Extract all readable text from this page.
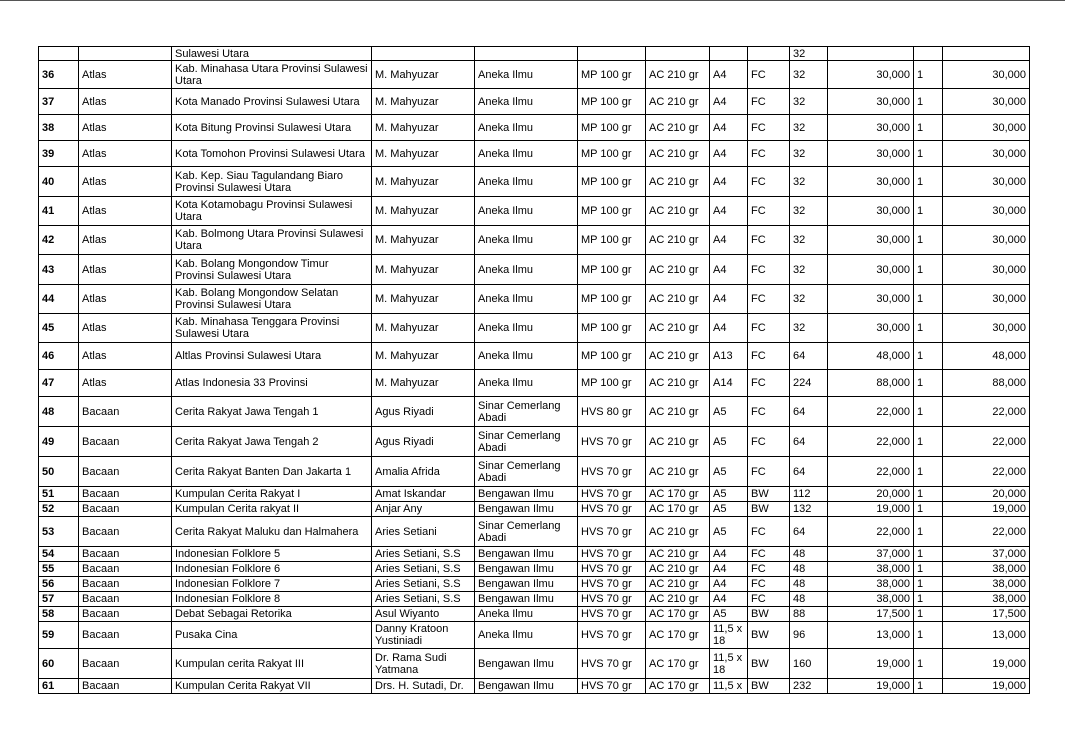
		Sulawesi Utara							32			
36	Atlas	Kab. Minahasa Utara Provinsi Sulawesi Utara	M. Mahyuzar	Aneka Ilmu	MP 100 gr	AC 210 gr	A4	FC	32	30,000	1	30,000
37	Atlas	Kota Manado Provinsi Sulawesi Utara	M. Mahyuzar	Aneka Ilmu	MP 100 gr	AC 210 gr	A4	FC	32	30,000	1	30,000
38	Atlas	Kota Bitung Provinsi Sulawesi Utara	M. Mahyuzar	Aneka Ilmu	MP 100 gr	AC 210 gr	A4	FC	32	30,000	1	30,000
39	Atlas	Kota Tomohon Provinsi Sulawesi Utara	M. Mahyuzar	Aneka Ilmu	MP 100 gr	AC 210 gr	A4	FC	32	30,000	1	30,000
40	Atlas	Kab. Kep. Siau Tagulandang Biaro Provinsi Sulawesi Utara	M. Mahyuzar	Aneka Ilmu	MP 100 gr	AC 210 gr	A4	FC	32	30,000	1	30,000
41	Atlas	Kota Kotamobagu Provinsi Sulawesi Utara	M. Mahyuzar	Aneka Ilmu	MP 100 gr	AC 210 gr	A4	FC	32	30,000	1	30,000
42	Atlas	Kab. Bolmong Utara Provinsi Sulawesi Utara	M. Mahyuzar	Aneka Ilmu	MP 100 gr	AC 210 gr	A4	FC	32	30,000	1	30,000
43	Atlas	Kab. Bolang Mongondow Timur Provinsi Sulawesi Utara	M. Mahyuzar	Aneka Ilmu	MP 100 gr	AC 210 gr	A4	FC	32	30,000	1	30,000
44	Atlas	Kab. Bolang Mongondow Selatan Provinsi Sulawesi Utara	M. Mahyuzar	Aneka Ilmu	MP 100 gr	AC 210 gr	A4	FC	32	30,000	1	30,000
45	Atlas	Kab. Minahasa Tenggara Provinsi Sulawesi Utara	M. Mahyuzar	Aneka Ilmu	MP 100 gr	AC 210 gr	A4	FC	32	30,000	1	30,000
46	Atlas	Altlas Provinsi Sulawesi Utara	M. Mahyuzar	Aneka Ilmu	MP 100 gr	AC 210 gr	A13	FC	64	48,000	1	48,000
47	Atlas	Atlas Indonesia 33 Provinsi	M. Mahyuzar	Aneka Ilmu	MP 100 gr	AC 210 gr	A14	FC	224	88,000	1	88,000
48	Bacaan	Cerita Rakyat Jawa Tengah 1	Agus Riyadi	Sinar Cemerlang Abadi	HVS 80 gr	AC 210 gr	A5	FC	64	22,000	1	22,000
49	Bacaan	Cerita Rakyat Jawa Tengah 2	Agus Riyadi	Sinar Cemerlang Abadi	HVS 70 gr	AC 210 gr	A5	FC	64	22,000	1	22,000
50	Bacaan	Cerita Rakyat Banten Dan Jakarta 1	Amalia Afrida	Sinar Cemerlang Abadi	HVS 70 gr	AC 210 gr	A5	FC	64	22,000	1	22,000
51	Bacaan	Kumpulan Cerita Rakyat I	Amat Iskandar	Bengawan Ilmu	HVS 70 gr	AC 170 gr	A5	BW	112	20,000	1	20,000
52	Bacaan	Kumpulan Cerita rakyat II	Anjar Any	Bengawan Ilmu	HVS 70 gr	AC 170 gr	A5	BW	132	19,000	1	19,000
53	Bacaan	Cerita Rakyat Maluku dan Halmahera	Aries Setiani	Sinar Cemerlang Abadi	HVS 70 gr	AC 210 gr	A5	FC	64	22,000	1	22,000
54	Bacaan	Indonesian Folklore 5	Aries Setiani, S.S	Bengawan Ilmu	HVS 70 gr	AC 210 gr	A4	FC	48	37,000	1	37,000
55	Bacaan	Indonesian Folklore 6	Aries Setiani, S.S	Bengawan Ilmu	HVS 70 gr	AC 210 gr	A4	FC	48	38,000	1	38,000
56	Bacaan	Indonesian Folklore 7	Aries Setiani, S.S	Bengawan Ilmu	HVS 70 gr	AC 210 gr	A4	FC	48	38,000	1	38,000
57	Bacaan	Indonesian Folklore 8	Aries Setiani, S.S	Bengawan Ilmu	HVS 70 gr	AC 210 gr	A4	FC	48	38,000	1	38,000
58	Bacaan	Debat Sebagai Retorika	Asul Wiyanto	Aneka Ilmu	HVS 70 gr	AC 170 gr	A5	BW	88	17,500	1	17,500
59	Bacaan	Pusaka Cina	Danny Kratoon Yustiniadi	Aneka Ilmu	HVS 70 gr	AC 170 gr	11,5 x 18	BW	96	13,000	1	13,000
60	Bacaan	Kumpulan cerita Rakyat III	Dr. Rama Sudi Yatmana	Bengawan Ilmu	HVS 70 gr	AC 170 gr	11,5 x 18	BW	160	19,000	1	19,000
61	Bacaan	Kumpulan Cerita Rakyat VII	Drs. H. Sutadi, Dr.	Bengawan Ilmu	HVS 70 gr	AC 170 gr	11,5 x	BW	232	19,000	1	19,000
